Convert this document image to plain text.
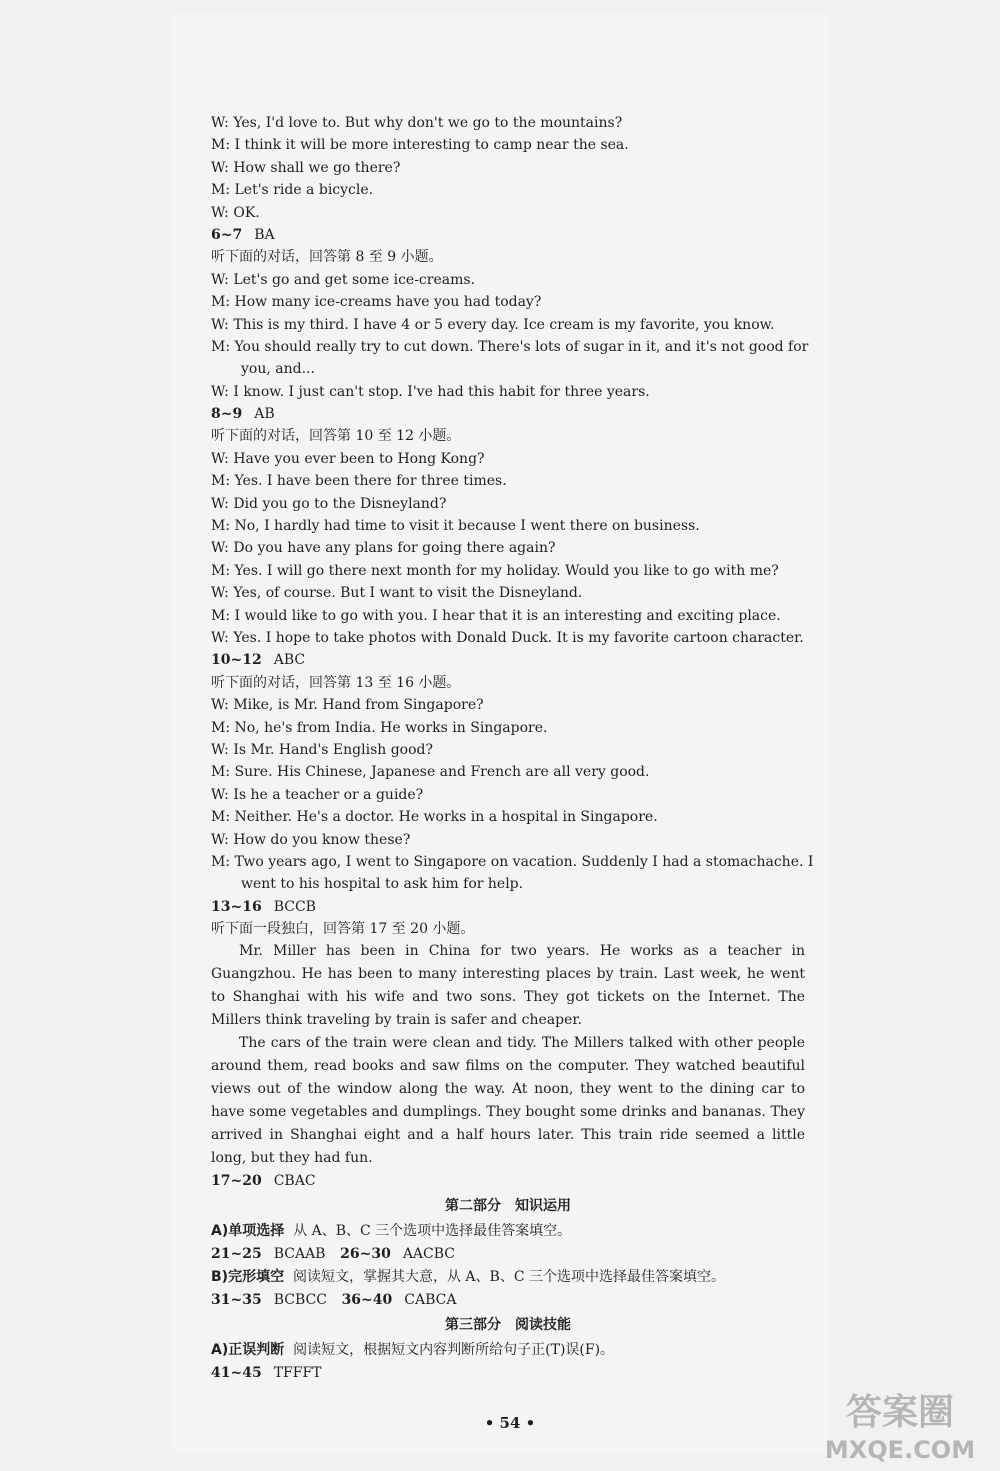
W: Yes, I'd love to. But why don't we go to the mountains?
M: I think it will be more interesting to camp near the sea.
W: How shall we go there?
M: Let's ride a bicycle.
W: OK.
6~7 BA
听下面的对话，回答第 8 至 9 小题。
W: Let's go and get some ice-creams.
M: How many ice-creams have you had today?
W: This is my third. I have 4 or 5 every day. Ice cream is my favorite, you know.
M: You should really try to cut down. There's lots of sugar in it, and it's not good for
you, and...
W: I know. I just can't stop. I've had this habit for three years.
8~9 AB
听下面的对话，回答第 10 至 12 小题。
W: Have you ever been to Hong Kong?
M: Yes. I have been there for three times.
W: Did you go to the Disneyland?
M: No, I hardly had time to visit it because I went there on business.
W: Do you have any plans for going there again?
M: Yes. I will go there next month for my holiday. Would you like to go with me?
W: Yes, of course. But I want to visit the Disneyland.
M: I would like to go with you. I hear that it is an interesting and exciting place.
W: Yes. I hope to take photos with Donald Duck. It is my favorite cartoon character.
10~12 ABC
听下面的对话，回答第 13 至 16 小题。
W: Mike, is Mr. Hand from Singapore?
M: No, he's from India. He works in Singapore.
W: Is Mr. Hand's English good?
M: Sure. His Chinese, Japanese and French are all very good.
W: Is he a teacher or a guide?
M: Neither. He's a doctor. He works in a hospital in Singapore.
W: How do you know these?
M: Two years ago, I went to Singapore on vacation. Suddenly I had a stomachache. I
went to his hospital to ask him for help.
13~16 BCCB
听下面一段独白，回答第 17 至 20 小题。

Mr. Miller has been in China for two years. He works as a teacher in Guangzhou. He has been to many interesting places by train. Last week, he went to Shanghai with his wife and two sons. They got tickets on the Internet. The Millers think traveling by train is safer and cheaper.

The cars of the train were clean and tidy. The Millers talked with other people around them, read books and saw films on the computer. They watched beautiful views out of the window along the way. At noon, they went to the dining car to have some vegetables and dumplings. They bought some drinks and bananas. They arrived in Shanghai eight and a half hours later. This train ride seemed a little long, but they had fun.

17~20 CBAC
第二部分 知识运用
A)单项选择 从 A、B、C 三个选项中选择最佳答案填空。
21~25 BCAAB 26~30 AACBC
B)完形填空 阅读短文，掌握其大意，从 A、B、C 三个选项中选择最佳答案填空。
31~35 BCBCC 36~40 CABCA
第三部分 阅读技能
A)正误判断 阅读短文，根据短文内容判断所给句子正(T)误(F)。
41~45 TFFFT
• 54 •	答案圈
MXQE.COM
